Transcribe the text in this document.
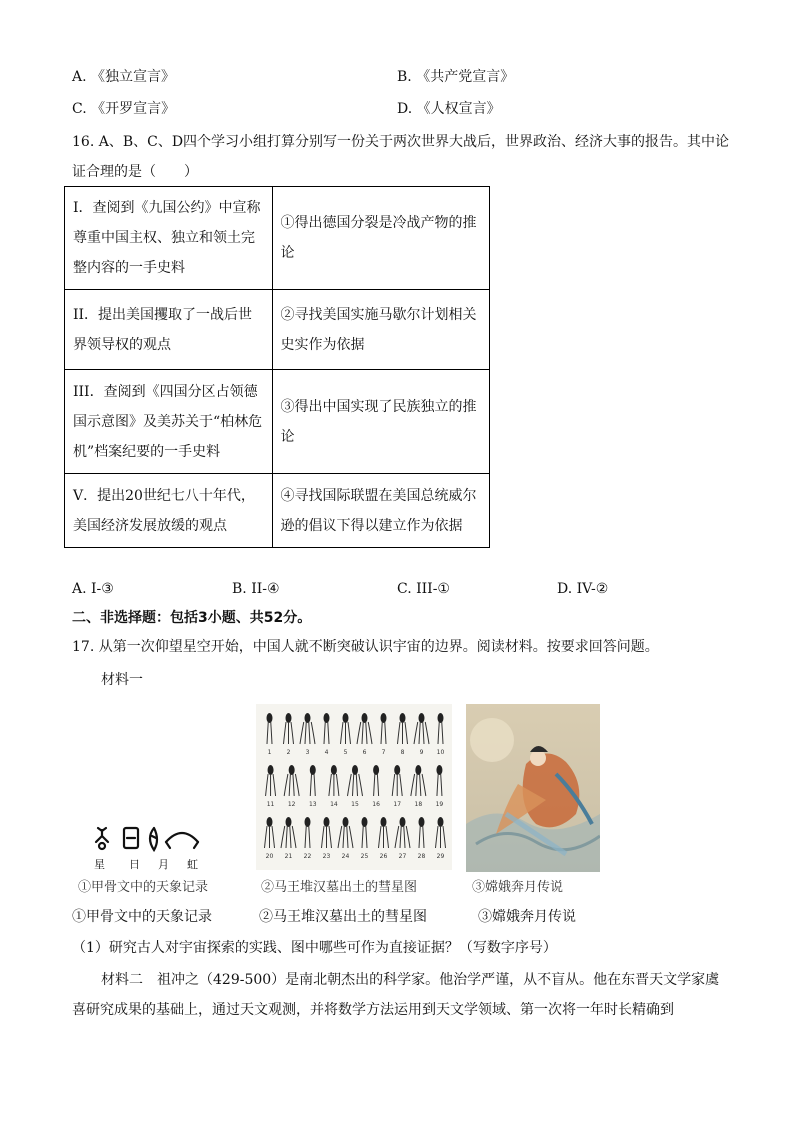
A. 《独立宣言》	B. 《共产党宣言》
C. 《开罗宣言》	D. 《人权宣言》
16. A、B、C、D四个学习小组打算分别写一份关于两次世界大战后，世界政治、经济大事的报告。其中论
证合理的是（　　）
I．查阅到《九国公约》中宣称尊重中国主权、独立和领土完整内容的一手史料	①得出德国分裂是冷战产物的推论
II．提出美国攫取了一战后世界领导权的观点	②寻找美国实施马歇尔计划相关史实作为依据
III．查阅到《四国分区占领德国示意图》及美苏关于“柏林危机”档案纪要的一手史料	③得出中国实现了民族独立的推论
V．提出20世纪七八十年代，美国经济发展放缓的观点	④寻找国际联盟在美国总统威尔逊的倡议下得以建立作为依据
A. I-③	B. II-④	C. III-①	D. IV-②
二、非选择题：包括3小题、共52分。
17. 从第一次仰望星空开始，中国人就不断突破认识宇宙的边界。阅读材料。按要求回答问题。
材料一
星 日 月 虹
①甲骨文中的天象记录
1	2	3	4	5	6	7	8	9 10
11 12 13 14 15 16 17 18 19
20 21 22 23 24 25 26 27 28 29
②马王堆汉墓出土的彗星图	③嫦娥奔月传说
①甲骨文中的天象记录	②马王堆汉墓出土的彗星图	③嫦娥奔月传说
（1）研究古人对宇宙探索的实践、图中哪些可作为直接证据？（写数字序号）
材料二　祖冲之（429-500）是南北朝杰出的科学家。他治学严谨，从不盲从。他在东晋天文学家虞
喜研究成果的基础上，通过天文观测，并将数学方法运用到天文学领域、第一次将一年时长精确到
